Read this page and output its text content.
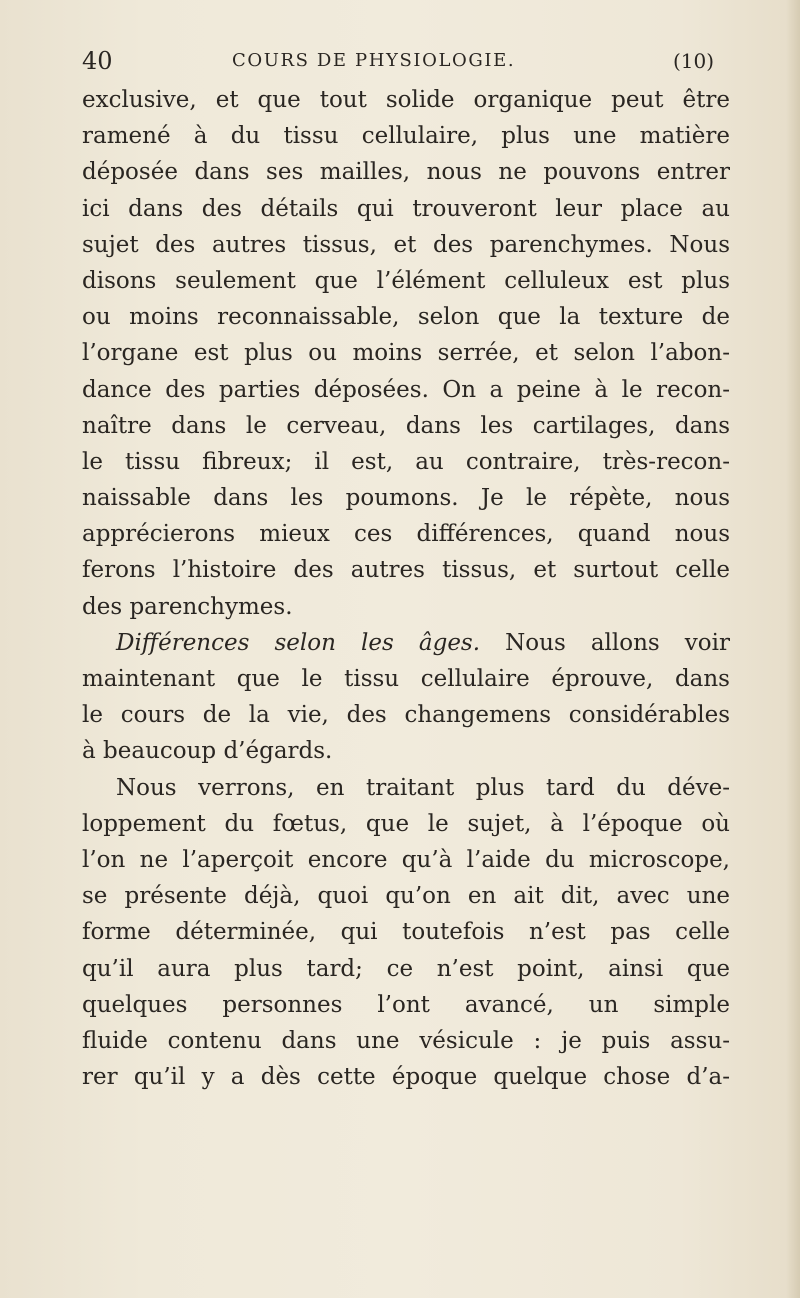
40	COURS DE PHYSIOLOGIE.	(10)
exclusive, et que tout solide organique peut être
ramené à du tissu cellulaire, plus une matière
déposée dans ses mailles, nous ne pouvons entrer
ici dans des détails qui trouveront leur place au
sujet des autres tissus, et des parenchymes. Nous
disons seulement que l’élément celluleux est plus
ou moins reconnaissable, selon que la texture de
l’organe est plus ou moins serrée, et selon l’abon-
dance des parties déposées. On a peine à le recon-
naître dans le cerveau, dans les cartilages, dans
le tissu fibreux; il est, au contraire, très-recon-
naissable dans les poumons. Je le répète, nous
apprécierons mieux ces différences, quand nous
ferons l’histoire des autres tissus, et surtout celle
des parenchymes.
Différences selon les âges. Nous allons voir
maintenant que le tissu cellulaire éprouve, dans
le cours de la vie, des changemens considérables
à beaucoup d’égards.
Nous verrons, en traitant plus tard du déve-
loppement du fœtus, que le sujet, à l’époque où
l’on ne l’aperçoit encore qu’à l’aide du microscope,
se présente déjà, quoi qu’on en ait dit, avec une
forme déterminée, qui toutefois n’est pas celle
qu’il aura plus tard; ce n’est point, ainsi que
quelques personnes l’ont avancé, un simple
fluide contenu dans une vésicule : je puis assu-
rer qu’il y a dès cette époque quelque chose d’a-
